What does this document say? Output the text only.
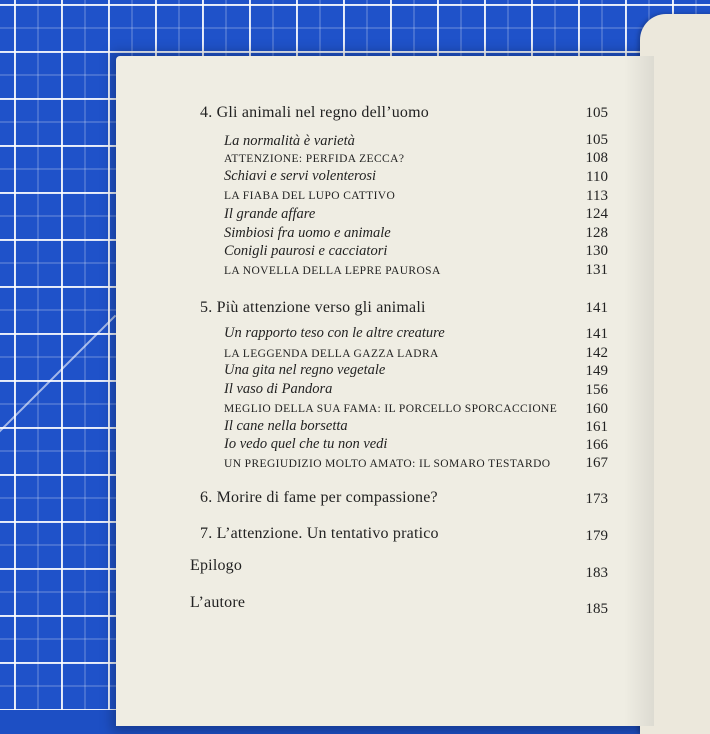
4. Gli animali nel regno dell’uomo	105
La normalità è varietà	105
ATTENZIONE: PERFIDA ZECCA?	108
Schiavi e servi volenterosi	110
LA FIABA DEL LUPO CATTIVO	113
Il grande affare	124
Simbiosi fra uomo e animale	128
Conigli paurosi e cacciatori	130
LA NOVELLA DELLA LEPRE PAUROSA	131
5. Più attenzione verso gli animali	141
Un rapporto teso con le altre creature	141
LA LEGGENDA DELLA GAZZA LADRA	142
Una gita nel regno vegetale	149
Il vaso di Pandora	156
MEGLIO DELLA SUA FAMA: IL PORCELLO SPORCACCIONE	160
Il cane nella borsetta	161
Io vedo quel che tu non vedi	166
UN PREGIUDIZIO MOLTO AMATO: IL SOMARO TESTARDO	167
6. Morire di fame per compassione?	173
7. L’attenzione. Un tentativo pratico	179
Epilogo	183
L’autore	185
